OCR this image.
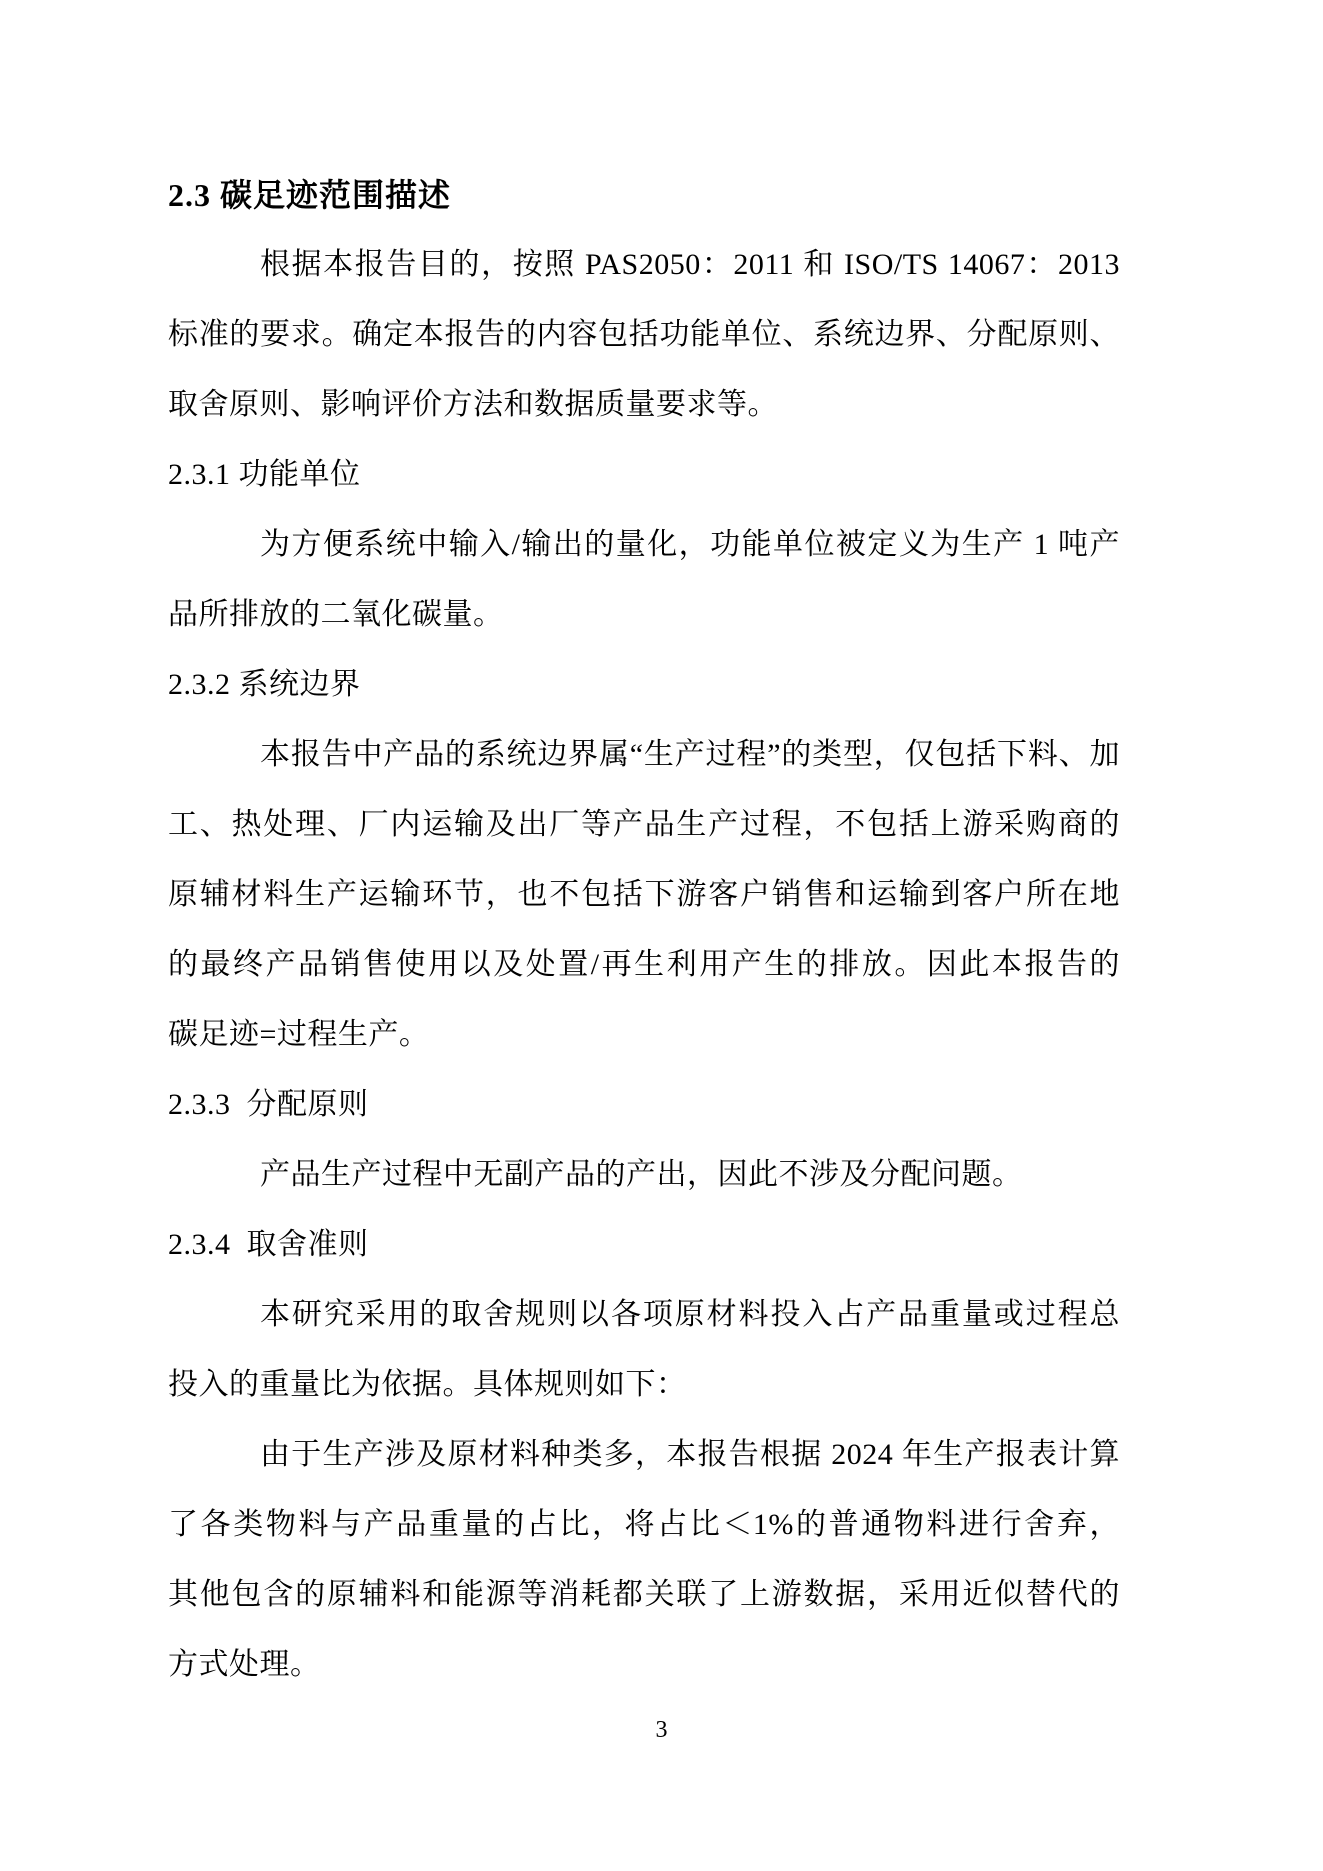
2.3 碳足迹范围描述
根据本报告目的，按照 PAS2050：2011 和 ISO/TS 14067：2013
标准的要求。确定本报告的内容包括功能单位、系统边界、分配原则、
取舍原则、影响评价方法和数据质量要求等。
2.3.1 功能单位
为方便系统中输入/输出的量化，功能单位被定义为生产 1 吨产
品所排放的二氧化碳量。
2.3.2 系统边界
本报告中产品的系统边界属“生产过程”的类型，仅包括下料、加
工、热处理、厂内运输及出厂等产品生产过程，不包括上游采购商的
原辅材料生产运输环节，也不包括下游客户销售和运输到客户所在地
的最终产品销售使用以及处置/再生利用产生的排放。因此本报告的
碳足迹=过程生产。
2.3.3  分配原则
产品生产过程中无副产品的产出，因此不涉及分配问题。
2.3.4  取舍准则
本研究采用的取舍规则以各项原材料投入占产品重量或过程总
投入的重量比为依据。具体规则如下：
由于生产涉及原材料种类多，本报告根据 2024 年生产报表计算
了各类物料与产品重量的占比，将占比＜1%的普通物料进行舍弃，
其他包含的原辅料和能源等消耗都关联了上游数据，采用近似替代的
方式处理。
3
